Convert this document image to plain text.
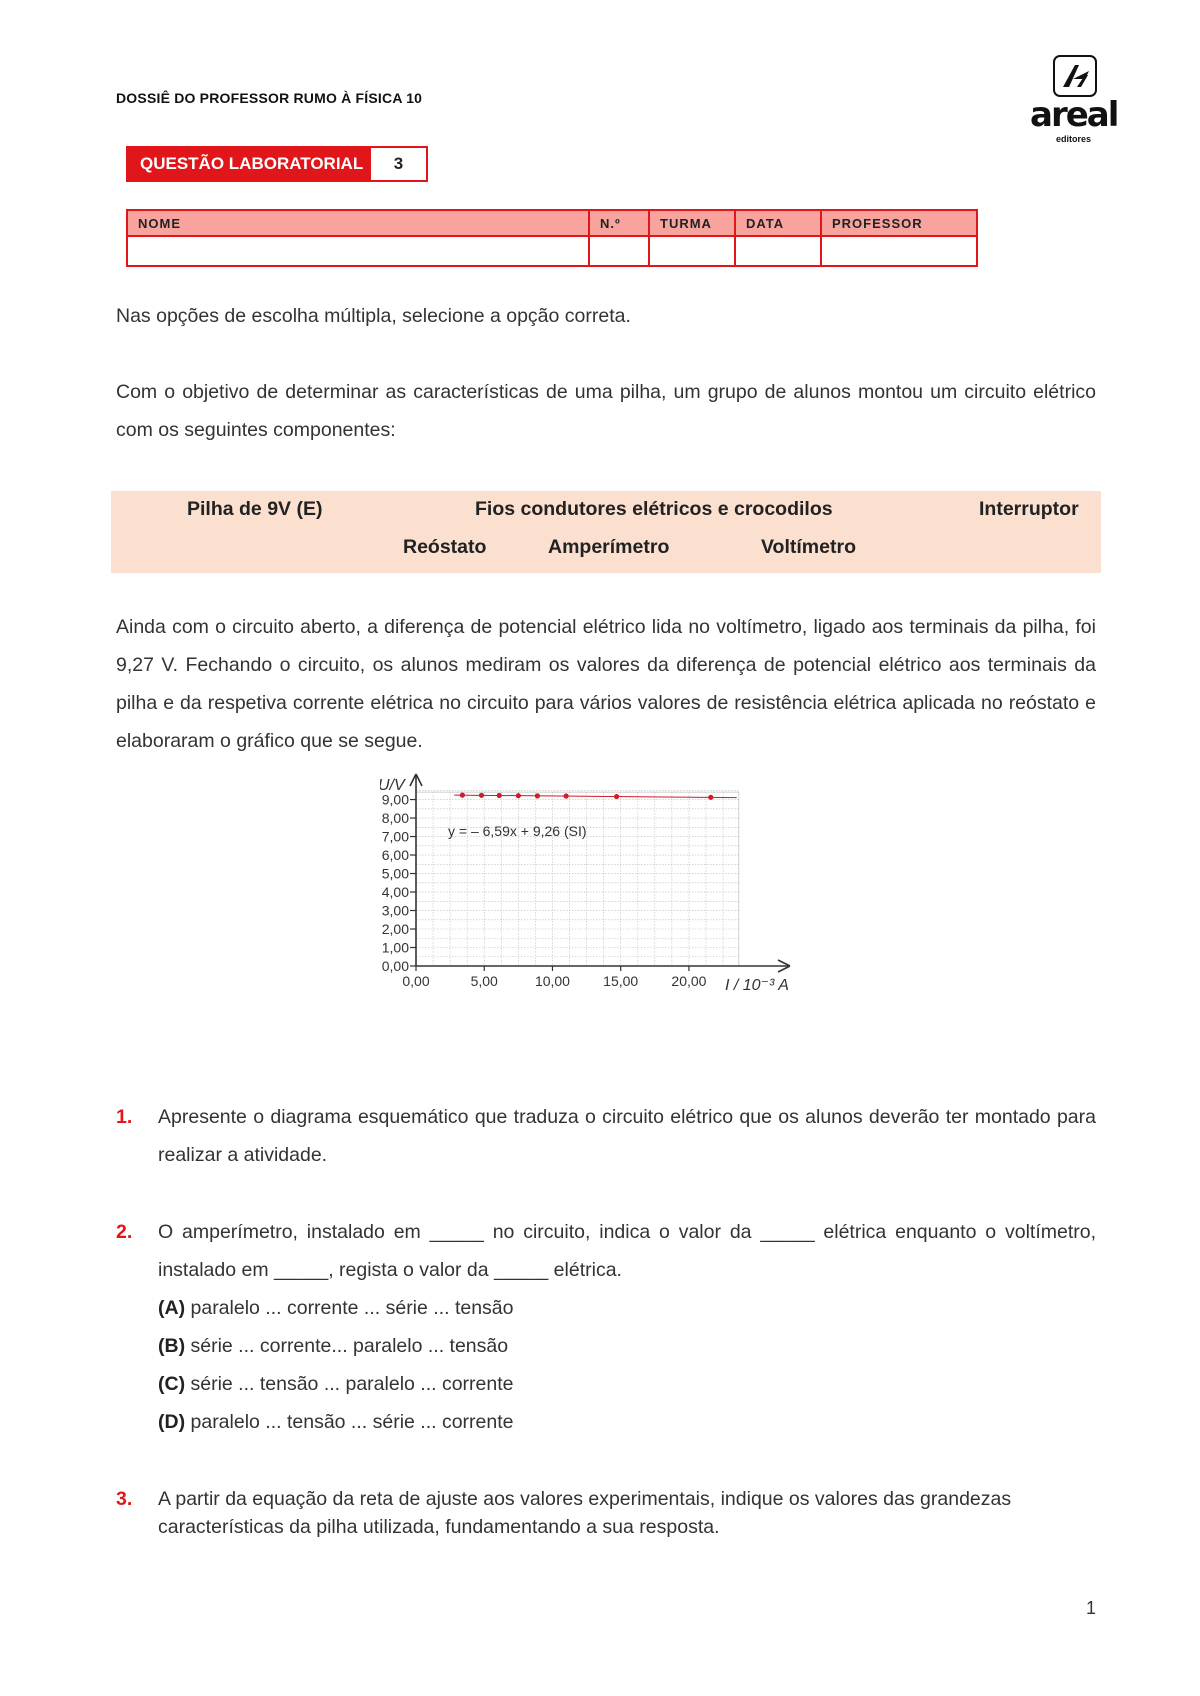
DOSSIÊ DO PROFESSOR RUMO À FÍSICA 10	areal
editores
QUESTÃO LABORATORIAL	3
NOME	N.º	TURMA	DATA	PROFESSOR

Nas opções de escolha múltipla, selecione a opção correta.

Com o objetivo de determinar as características de uma pilha, um grupo de alunos montou um circuito elétrico com os seguintes componentes:

Pilha de 9V (E)	Fios condutores elétricos e crocodilos	Interruptor
Reóstato	Amperímetro	Voltímetro

Ainda com o circuito aberto, a diferença de potencial elétrico lida no voltímetro, ligado aos terminais da pilha, foi 9,27 V. Fechando o circuito, os alunos mediram os valores da diferença de potencial elétrico aos terminais da pilha e da respetiva corrente elétrica no circuito para vários valores de resistência elétrica aplicada no reóstato e elaboraram o gráfico que se segue.

0,00
1,00
2,00
3,00
4,00
5,00
6,00
7,00
8,00
9,00
0,00	5,00	10,00 15,00 20,00
U/V
I / 10⁻³ A
y = – 6,59x + 9,26 (SI)
1. Apresente o diagrama esquemático que traduza o circuito elétrico que os alunos deverão ter montado para realizar a atividade.

2. O amperímetro, instalado em _____ no circuito, indica o valor da _____ elétrica enquanto o voltímetro, instalado em _____, regista o valor da _____ elétrica.

(A) paralelo ... corrente ... série ... tensão
(B) série ... corrente... paralelo ... tensão
(C) série ... tensão ... paralelo ... corrente
(D) paralelo ... tensão ... série ... corrente
3. A partir da equação da reta de ajuste aos valores experimentais, indique os valores das grandezas características da pilha utilizada, fundamentando a sua resposta.

1
